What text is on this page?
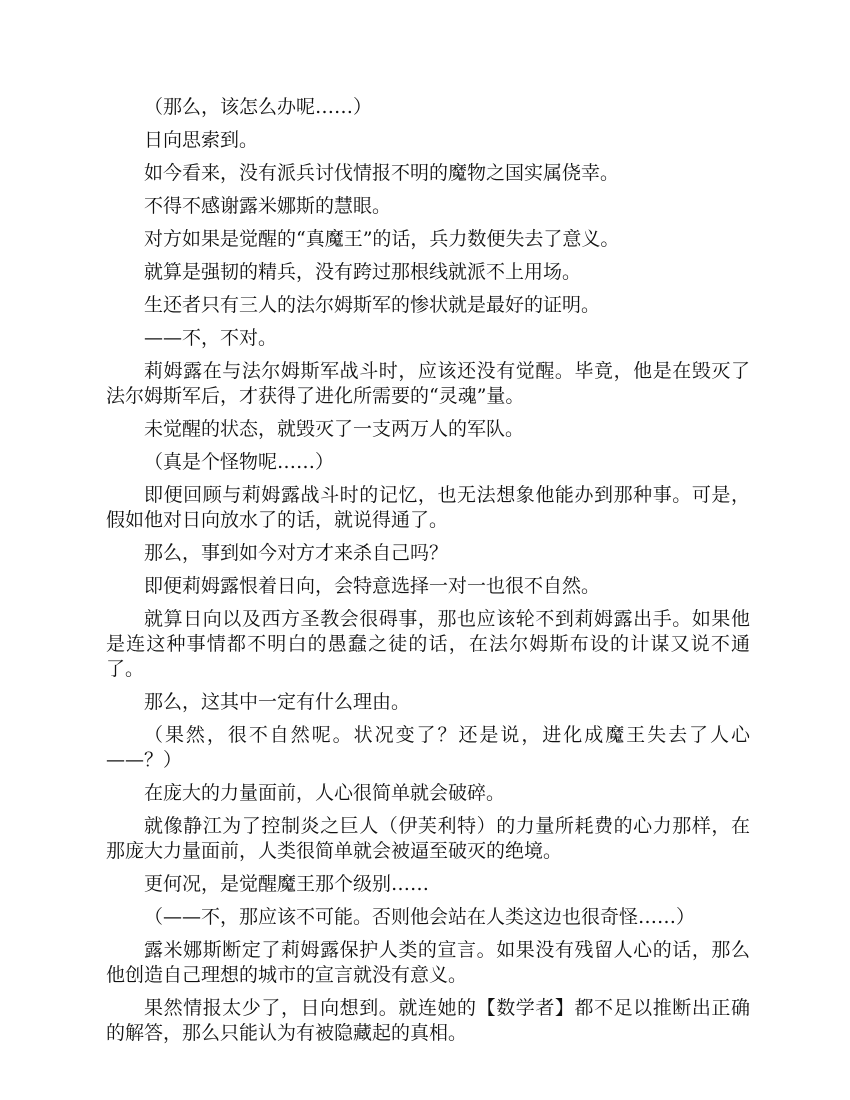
（那么，该怎么办呢……）

日向思索到。

如今看来，没有派兵讨伐情报不明的魔物之国实属侥幸。

不得不感谢露米娜斯的慧眼。

对方如果是觉醒的“真魔王”的话，兵力数便失去了意义。

就算是强韧的精兵，没有跨过那根线就派不上用场。

生还者只有三人的法尔姆斯军的惨状就是最好的证明。

——不，不对。

莉姆露在与法尔姆斯军战斗时，应该还没有觉醒。毕竟，他是在毁灭了法尔姆斯军后，才获得了进化所需要的“灵魂”量。

未觉醒的状态，就毁灭了一支两万人的军队。

（真是个怪物呢……）

即便回顾与莉姆露战斗时的记忆，也无法想象他能办到那种事。可是，假如他对日向放水了的话，就说得通了。

那么，事到如今对方才来杀自己吗？

即便莉姆露恨着日向，会特意选择一对一也很不自然。

就算日向以及西方圣教会很碍事，那也应该轮不到莉姆露出手。如果他是连这种事情都不明白的愚蠢之徒的话，在法尔姆斯布设的计谋又说不通了。

那么，这其中一定有什么理由。

（果然，很不自然呢。状况变了？还是说，进化成魔王失去了人心——？）

在庞大的力量面前，人心很简单就会破碎。

就像静江为了控制炎之巨人（伊芙利特）的力量所耗费的心力那样，在那庞大力量面前，人类很简单就会被逼至破灭的绝境。

更何况，是觉醒魔王那个级别……

（——不，那应该不可能。否则他会站在人类这边也很奇怪……）

露米娜斯断定了莉姆露保护人类的宣言。如果没有残留人心的话，那么他创造自己理想的城市的宣言就没有意义。

果然情报太少了，日向想到。就连她的【数学者】都不足以推断出正确的解答，那么只能认为有被隐藏起的真相。
